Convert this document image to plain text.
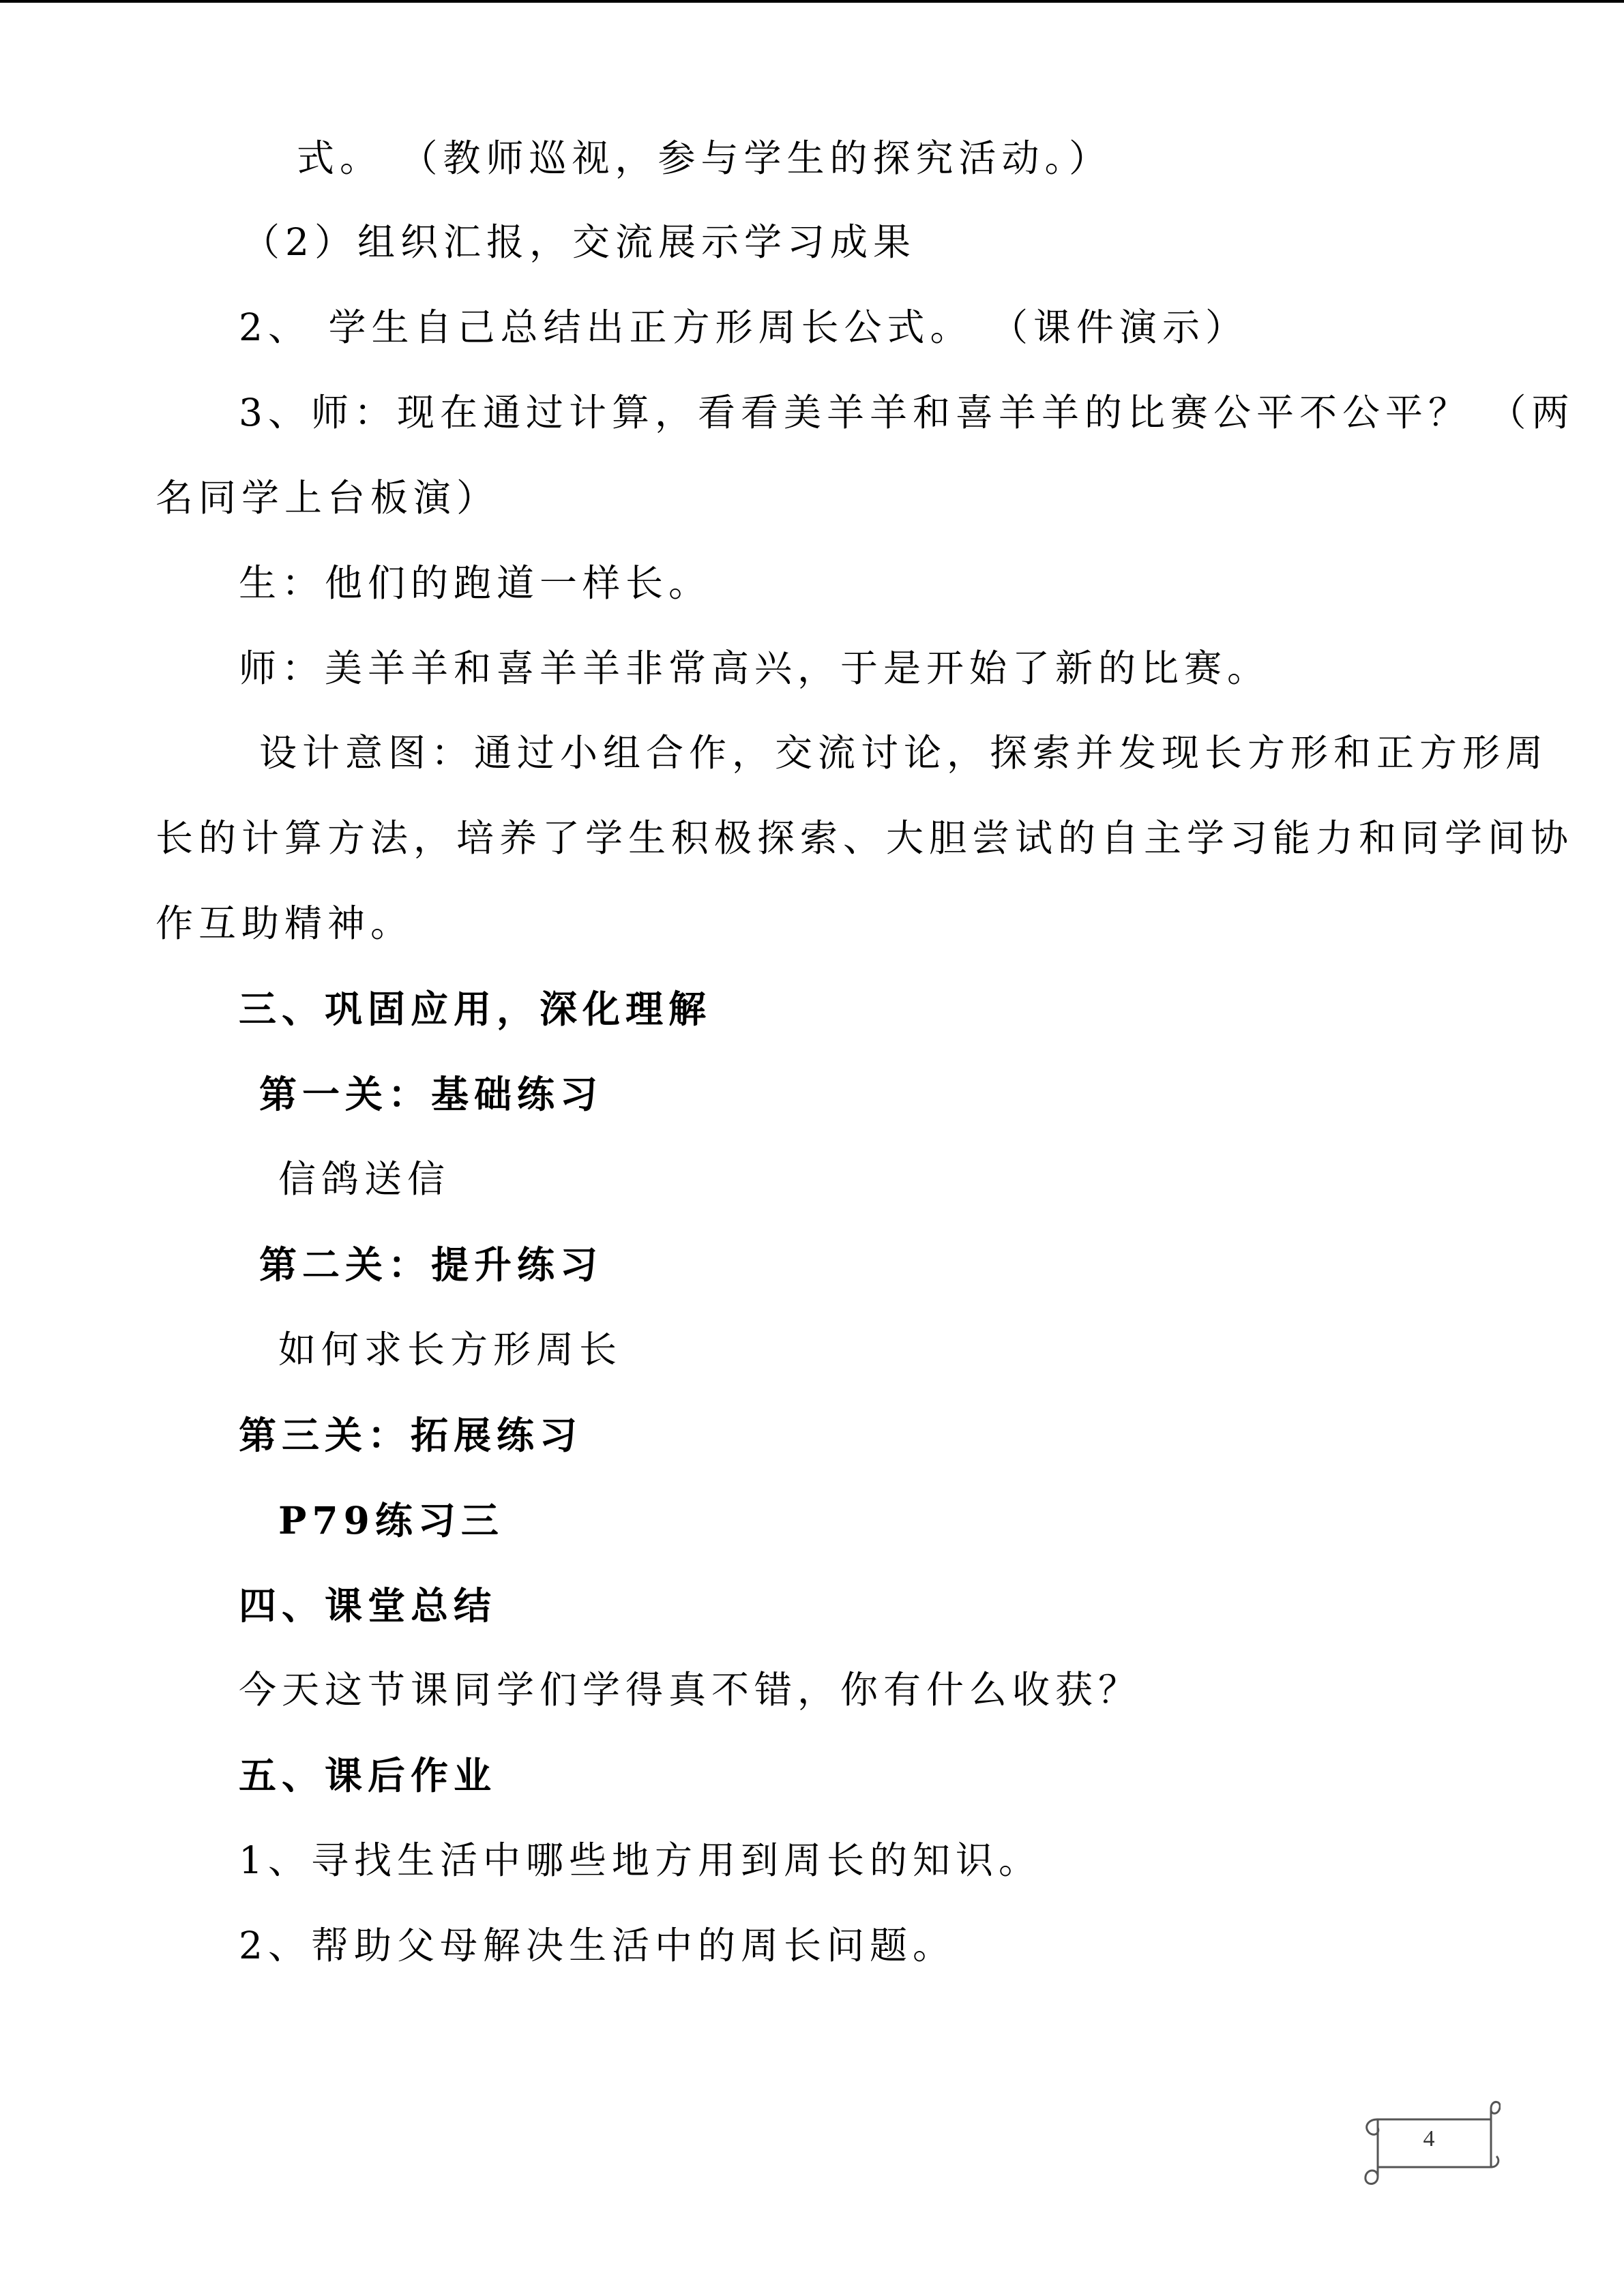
式。 （教师巡视，参与学生的探究活动。）
（2）组织汇报，交流展示学习成果
2、 学生自己总结出正方形周长公式。 （课件演示）
3、师：现在通过计算，看看美羊羊和喜羊羊的比赛公平不公平？ （两
名同学上台板演）
生：他们的跑道一样长。
师：美羊羊和喜羊羊非常高兴，于是开始了新的比赛。
设计意图：通过小组合作，交流讨论，探索并发现长方形和正方形周
长的计算方法，培养了学生积极探索、大胆尝试的自主学习能力和同学间协
作互助精神。
三、巩固应用，深化理解
第一关：基础练习
信鸽送信
第二关：提升练习
如何求长方形周长
第三关：拓展练习
P79练习三
四、课堂总结
今天这节课同学们学得真不错，你有什么收获？
五、课后作业
1、寻找生活中哪些地方用到周长的知识。
2、帮助父母解决生活中的周长问题。
4
